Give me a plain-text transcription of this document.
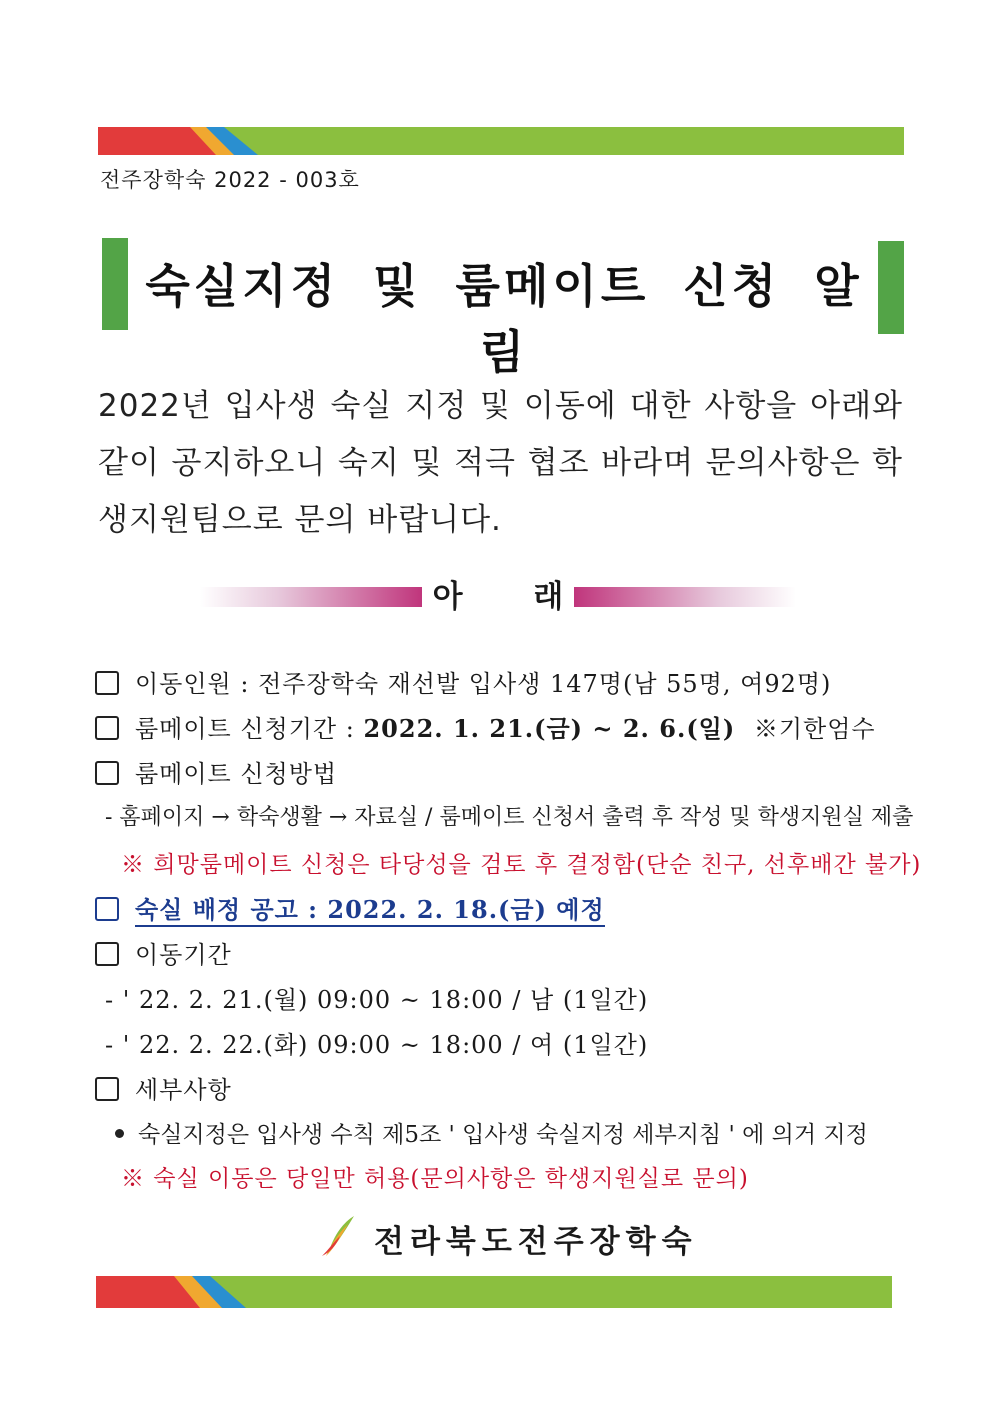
전주장학숙 2022 - 003호
숙실지정 및 룸메이트 신청 알림
2022년 입사생 숙실 지정 및 이동에 대한 사항을 아래와 같이 공지하오니 숙지 및 적극 협조 바라며 문의사항은 학생지원팀으로 문의 바랍니다.
아 래
이동인원 : 전주장학숙 재선발 입사생 147명(남 55명, 여92명)
룸메이트 신청기간 : 2022. 1. 21.(금) ~ 2. 6.(일) ※기한엄수
룸메이트 신청방법
- 홈페이지 → 학숙생활 → 자료실 / 룸메이트 신청서 출력 후 작성 및 학생지원실 제출
※ 희망룸메이트 신청은 타당성을 검토 후 결정함(단순 친구, 선후배간 불가)
숙실 배정 공고 : 2022. 2. 18.(금) 예정
이동기간
- ' 22. 2. 21.(월) 09:00 ~ 18:00 / 남 (1일간)
- ' 22. 2. 22.(화) 09:00 ~ 18:00 / 여 (1일간)
세부사항
숙실지정은 입사생 수칙 제5조 ' 입사생 숙실지정 세부지침 ' 에 의거 지정
※ 숙실 이동은 당일만 허용(문의사항은 학생지원실로 문의)
전라북도전주장학숙
